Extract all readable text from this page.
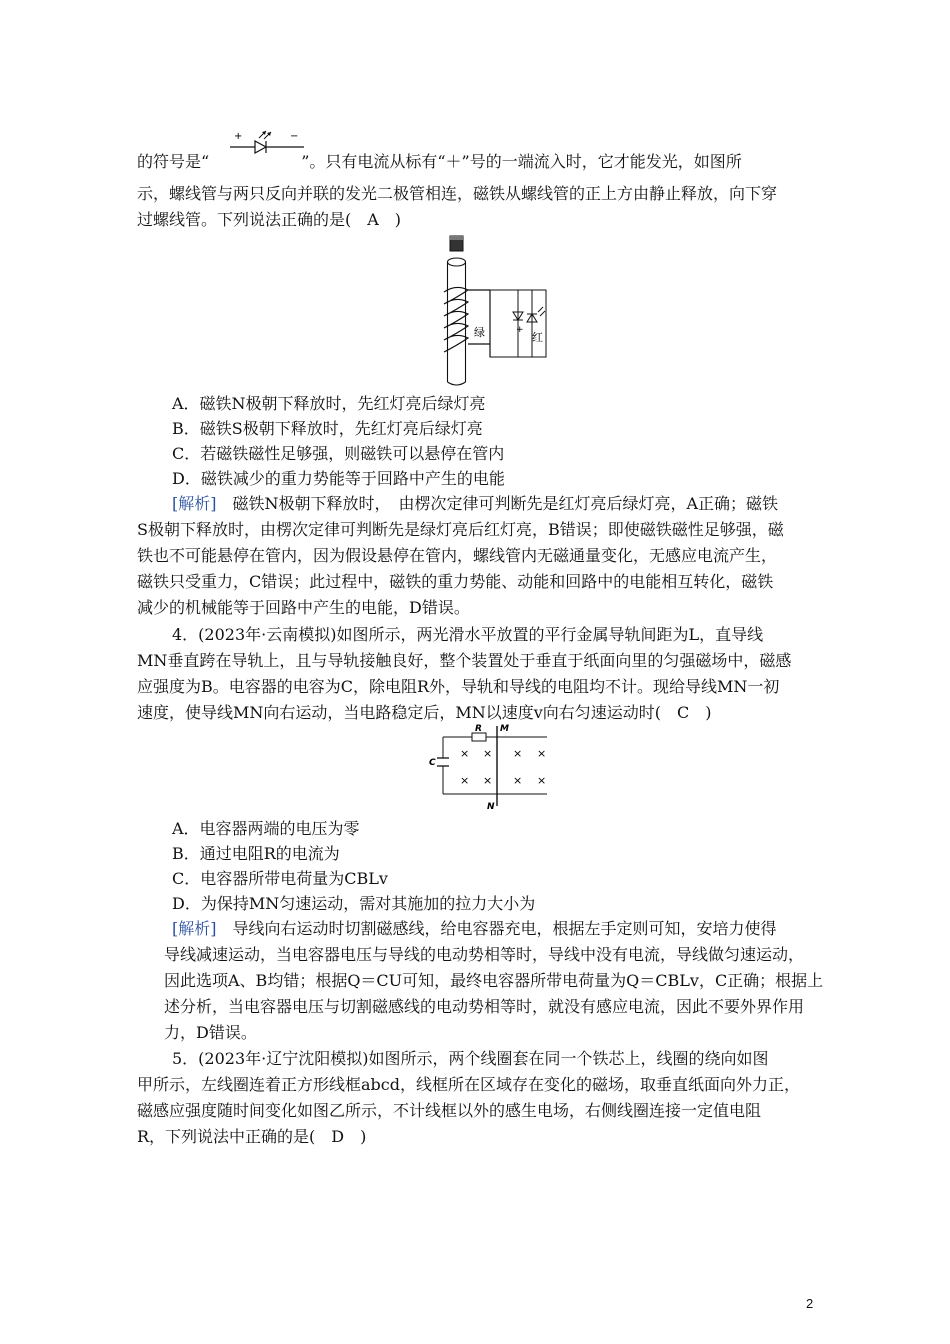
的符号是“	”。只有电流从标有“＋”号的一端流入时，它才能发光，如图所
+	−
示，螺线管与两只反向并联的发光二极管相连，磁铁从螺线管的正上方由静止释放，向下穿
过螺线管。下列说法正确的是(　A　)
绿	+
红
A．磁铁N极朝下释放时，先红灯亮后绿灯亮
B．磁铁S极朝下释放时，先红灯亮后绿灯亮
C．若磁铁磁性足够强，则磁铁可以悬停在管内
D．磁铁减少的重力势能等于回路中产生的电能
[解析]　磁铁N极朝下释放时，　由楞次定律可判断先是红灯亮后绿灯亮，A正确；磁铁
S极朝下释放时，由楞次定律可判断先是绿灯亮后红灯亮，B错误；即使磁铁磁性足够强，磁
铁也不可能悬停在管内，因为假设悬停在管内，螺线管内无磁通量变化，无感应电流产生，
磁铁只受重力，C错误；此过程中，磁铁的重力势能、动能和回路中的电能相互转化，磁铁
减少的机械能等于回路中产生的电能，D错误。
4．(2023年·云南模拟)如图所示，两光滑水平放置的平行金属导轨间距为L，直导线
MN垂直跨在导轨上，且与导轨接触良好，整个装置处于垂直于纸面向里的匀强磁场中，磁感
应强度为B。电容器的电容为C，除电阻R外，导轨和导线的电阻均不计。现给导线MN一初
速度，使导线MN向右运动，当电路稳定后，MN以速度v向右匀速运动时(　C　)
R M
C
N
× × × ×
× × × ×
A．电容器两端的电压为零
B．通过电阻R的电流为
C．电容器所带电荷量为CBLv
D．为保持MN匀速运动，需对其施加的拉力大小为
[解析]　导线向右运动时切割磁感线，给电容器充电，根据左手定则可知，安培力使得
导线减速运动，当电容器电压与导线的电动势相等时，导线中没有电流，导线做匀速运动，
因此选项A、B均错；根据Q＝CU可知，最终电容器所带电荷量为Q＝CBLv，C正确；根据上
述分析，当电容器电压与切割磁感线的电动势相等时，就没有感应电流，因此不要外界作用
力，D错误。
5．(2023年·辽宁沈阳模拟)如图所示，两个线圈套在同一个铁芯上，线圈的绕向如图
甲所示，左线圈连着正方形线框abcd，线框所在区域存在变化的磁场，取垂直纸面向外力正，
磁感应强度随时间变化如图乙所示，不计线框以外的感生电场，右侧线圈连接一定值电阻
R，下列说法中正确的是(　D　)
2
